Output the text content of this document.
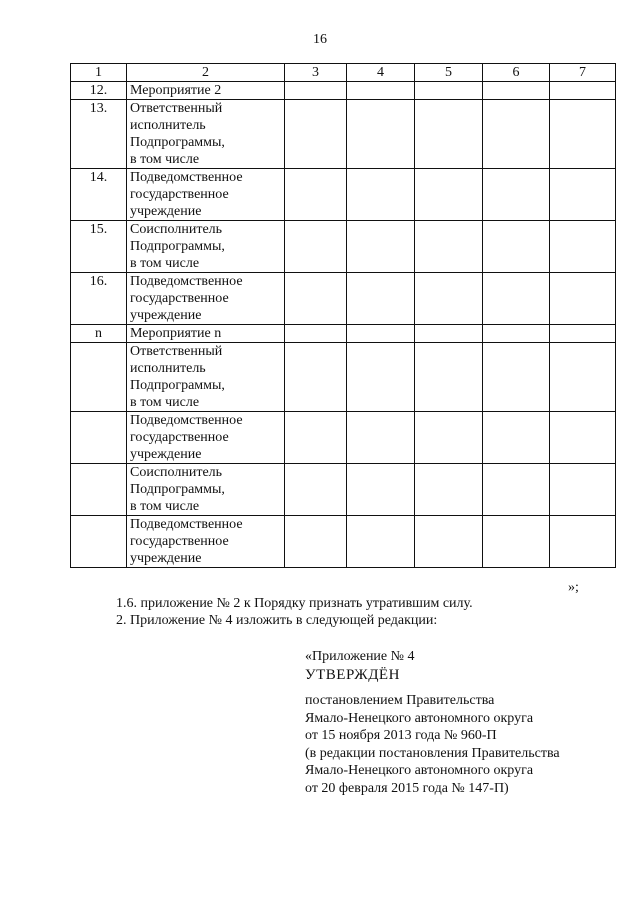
16
1	2	3	4	5	6	7
12.	Мероприятие 2					

13.	Ответственный
исполнитель
Подпрограммы,
в том числе					

14.	Подведомственное
государственное
учреждение					

15.	Соисполнитель
Подпрограммы,
в том числе					

16.	Подведомственное
государственное
учреждение					

n	Мероприятие n					

	Ответственный
исполнитель
Подпрограммы,
в том числе					

	Подведомственное
государственное
учреждение					

	Соисполнитель
Подпрограммы,
в том числе					

	Подведомственное
государственное
учреждение					

»;
1.6. приложение № 2 к Порядку признать утратившим силу.
2. Приложение № 4 изложить в следующей редакции:
«Приложение № 4
УТВЕРЖДЁН
постановлением Правительства
Ямало-Ненецкого автономного округа
от 15 ноября 2013 года № 960-П
(в редакции постановления Правительства
Ямало-Ненецкого автономного округа
от 20 февраля 2015 года № 147-П)
